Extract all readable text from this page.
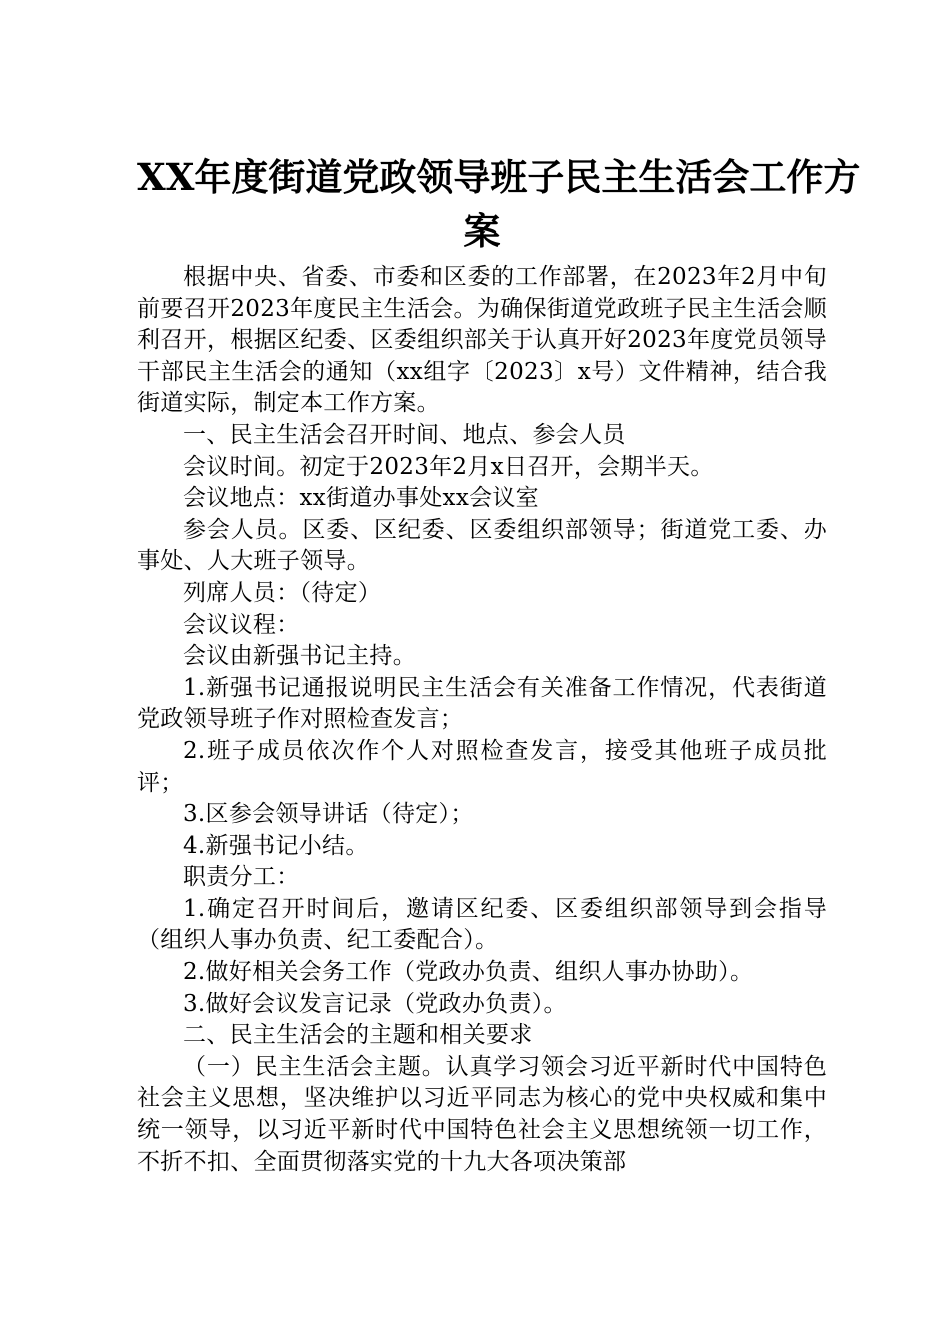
XX年度街道党政领导班子民主生活会工作方
案

根据中央、省委、市委和区委的工作部署，在2023年2月中旬前要召开2023年度民主生活会。为确保街道党政班子民主生活会顺利召开，根据区纪委、区委组织部关于认真开好2023年度党员领导干部民主生活会的通知（xx组字〔2023〕x号）文件精神，结合我街道实际，制定本工作方案。

一、民主生活会召开时间、地点、参会人员

会议时间。初定于2023年2月x日召开，会期半天。

会议地点：xx街道办事处xx会议室

参会人员。区委、区纪委、区委组织部领导；街道党工委、办事处、人大班子领导。

列席人员：（待定）

会议议程：

会议由新强书记主持。

1.新强书记通报说明民主生活会有关准备工作情况，代表街道党政领导班子作对照检查发言；

2.班子成员依次作个人对照检查发言，接受其他班子成员批评；

3.区参会领导讲话（待定）；

4.新强书记小结。

职责分工：

1.确定召开时间后，邀请区纪委、区委组织部领导到会指导（组织人事办负责、纪工委配合）。

2.做好相关会务工作（党政办负责、组织人事办协助）。

3.做好会议发言记录（党政办负责）。

二、民主生活会的主题和相关要求

（一）民主生活会主题。认真学习领会习近平新时代中国特色社会主义思想，坚决维护以习近平同志为核心的党中央权威和集中统一领导，以习近平新时代中国特色社会主义思想统领一切工作，不折不扣、全面贯彻落实党的十九大各项决策部
